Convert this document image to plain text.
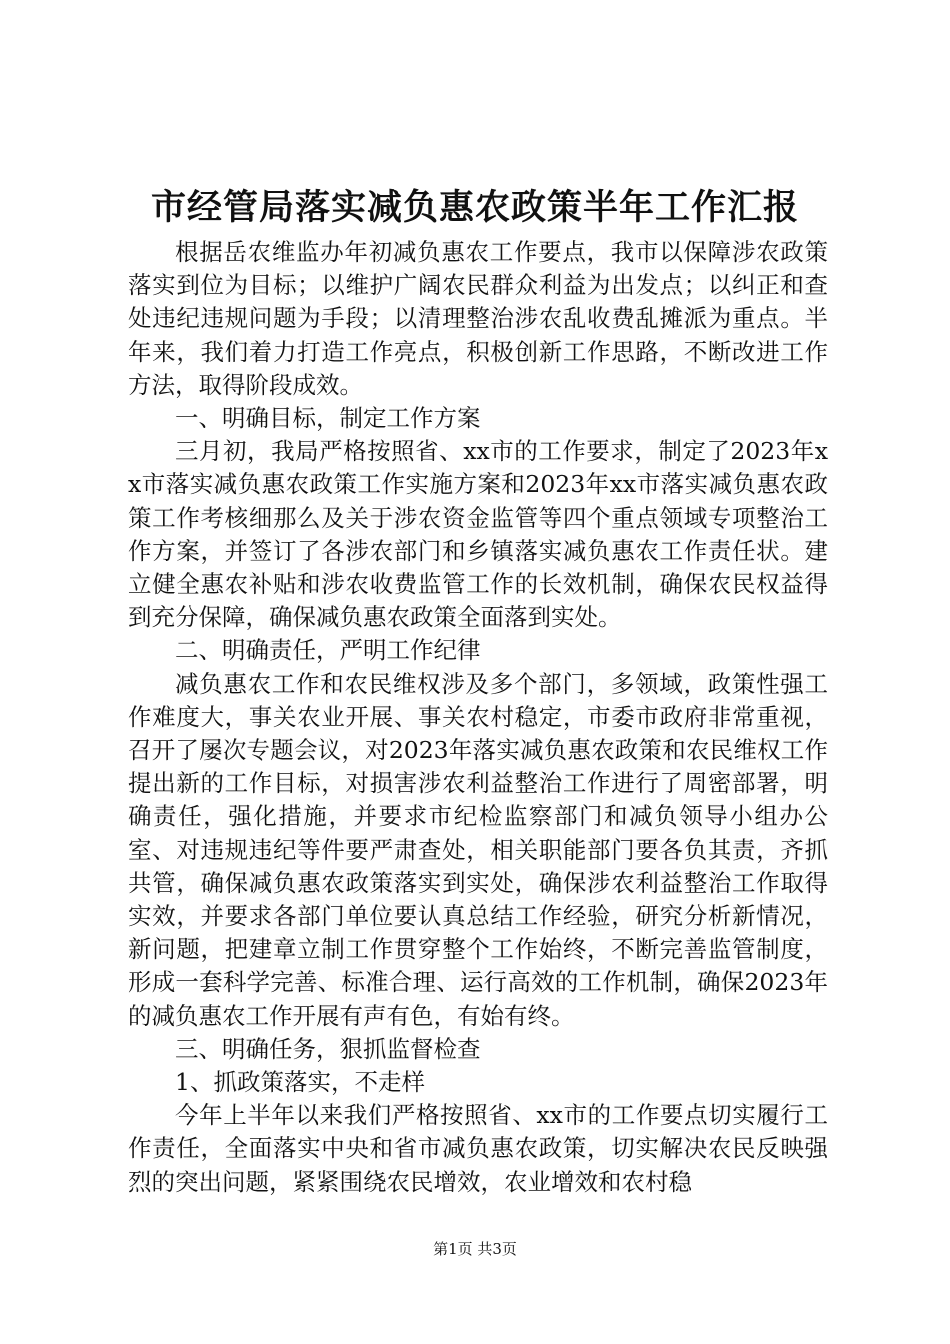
市经管局落实减负惠农政策半年工作汇报

根据岳农维监办年初减负惠农工作要点，我市以保障涉农政策落实到位为目标；以维护广阔农民群众利益为出发点；以纠正和查处违纪违规问题为手段；以清理整治涉农乱收费乱摊派为重点。半年来，我们着力打造工作亮点，积极创新工作思路，不断改进工作方法，取得阶段成效。

一、明确目标，制定工作方案

三月初，我局严格按照省、xx市的工作要求，制定了2023年xx市落实减负惠农政策工作实施方案和2023年xx市落实减负惠农政策工作考核细那么及关于涉农资金监管等四个重点领域专项整治工作方案，并签订了各涉农部门和乡镇落实减负惠农工作责任状。建立健全惠农补贴和涉农收费监管工作的长效机制，确保农民权益得到充分保障，确保减负惠农政策全面落到实处。

二、明确责任，严明工作纪律

减负惠农工作和农民维权涉及多个部门，多领域，政策性强工作难度大，事关农业开展、事关农村稳定，市委市政府非常重视，召开了屡次专题会议，对2023年落实减负惠农政策和农民维权工作提出新的工作目标，对损害涉农利益整治工作进行了周密部署，明确责任，强化措施，并要求市纪检监察部门和减负领导小组办公室、对违规违纪等件要严肃查处，相关职能部门要各负其责，齐抓共管，确保减负惠农政策落实到实处，确保涉农利益整治工作取得实效，并要求各部门单位要认真总结工作经验，研究分析新情况，新问题，把建章立制工作贯穿整个工作始终，不断完善监管制度，形成一套科学完善、标准合理、运行高效的工作机制，确保2023年的减负惠农工作开展有声有色，有始有终。

三、明确任务，狠抓监督检查

1、抓政策落实，不走样

今年上半年以来我们严格按照省、xx市的工作要点切实履行工作责任，全面落实中央和省市减负惠农政策，切实解决农民反映强烈的突出问题，紧紧围绕农民增效，农业增效和农村稳

第1页 共3页
